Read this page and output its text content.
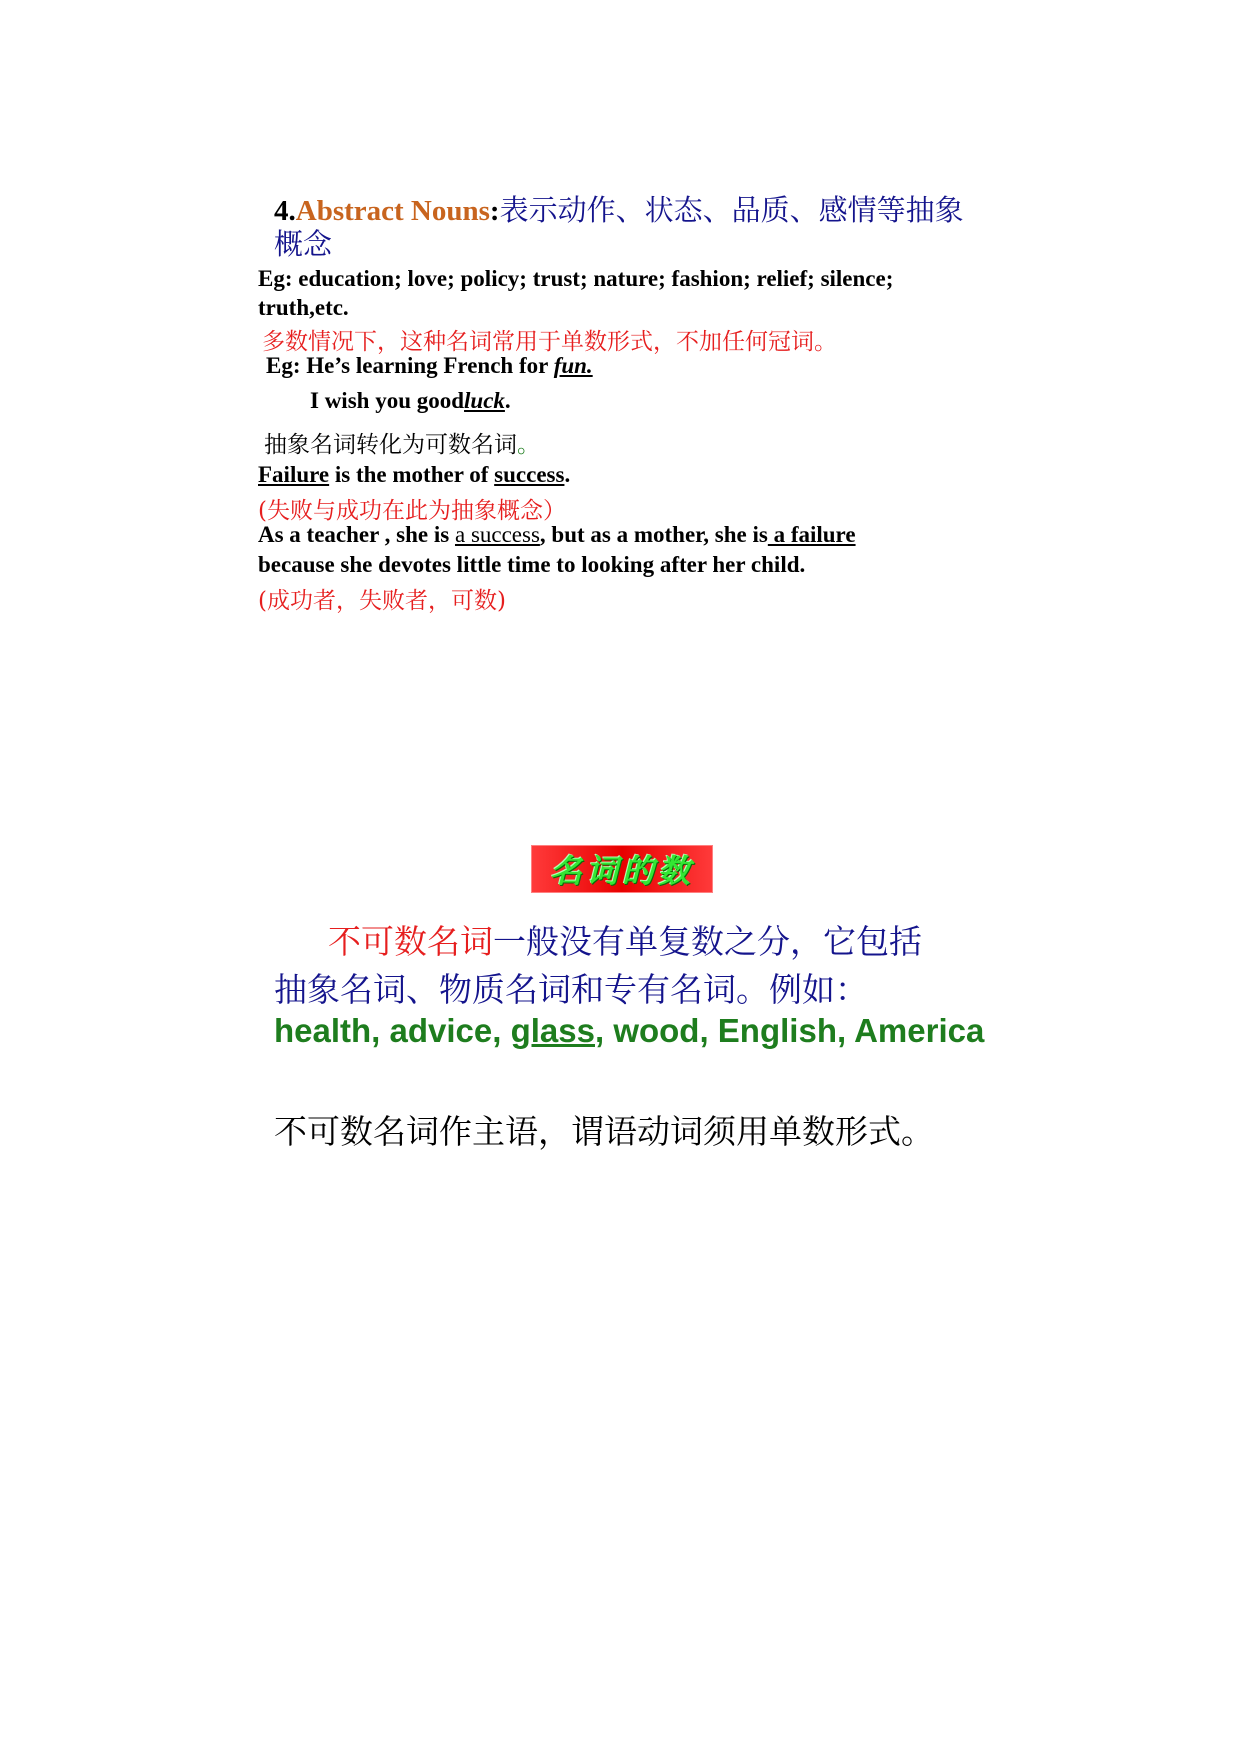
4.Abstract Nouns:表示动作、状态、品质、感情等抽象
概念
Eg: education; love; policy; trust; nature; fashion; relief; silence;
truth,etc.
多数情况下，这种名词常用于单数形式，不加任何冠词。
Eg: He’s learning French for fun.
I wish you goodluck.
抽象名词转化为可数名词。
Failure is the mother of success.
(失败与成功在此为抽象概念）
As a teacher , she is a success, but as a mother, she is a failure
because she devotes little time to looking after her child.
(成功者，失败者，可数)
名词的数
不可数名词一般没有单复数之分，它包括
抽象名词、物质名词和专有名词。例如：
health, advice, glass, wood, English, America
不可数名词作主语，谓语动词须用单数形式。
